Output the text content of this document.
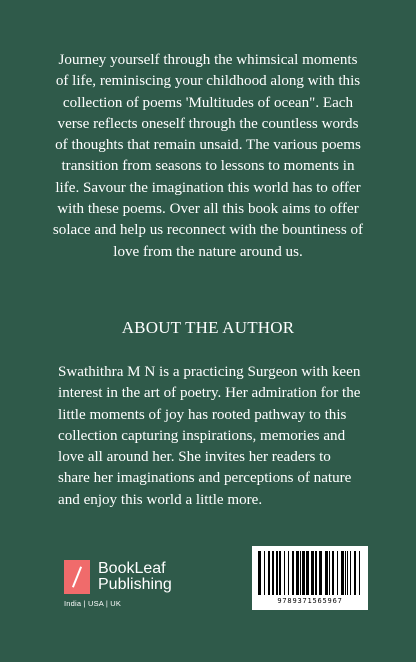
Journey yourself through the whimsical moments of life, reminiscing your childhood along with this collection of poems 'Multitudes of ocean". Each verse reflects oneself through the countless words of thoughts that remain unsaid. The various poems transition from seasons to lessons to moments in life. Savour the imagination this world has to offer with these poems. Over all this book aims to offer solace and help us reconnect with the bountiness of love from the nature around us.

ABOUT THE AUTHOR

Swathithra M N is a practicing Surgeon with keen interest in the art of poetry. Her admiration for the little moments of joy has rooted pathway to this collection capturing inspirations, memories and love all around her. She invites her readers to share her imaginations and perceptions of nature and enjoy this world a little more.

BookLeaf
Publishing
India | USA | UK	9789371565967
